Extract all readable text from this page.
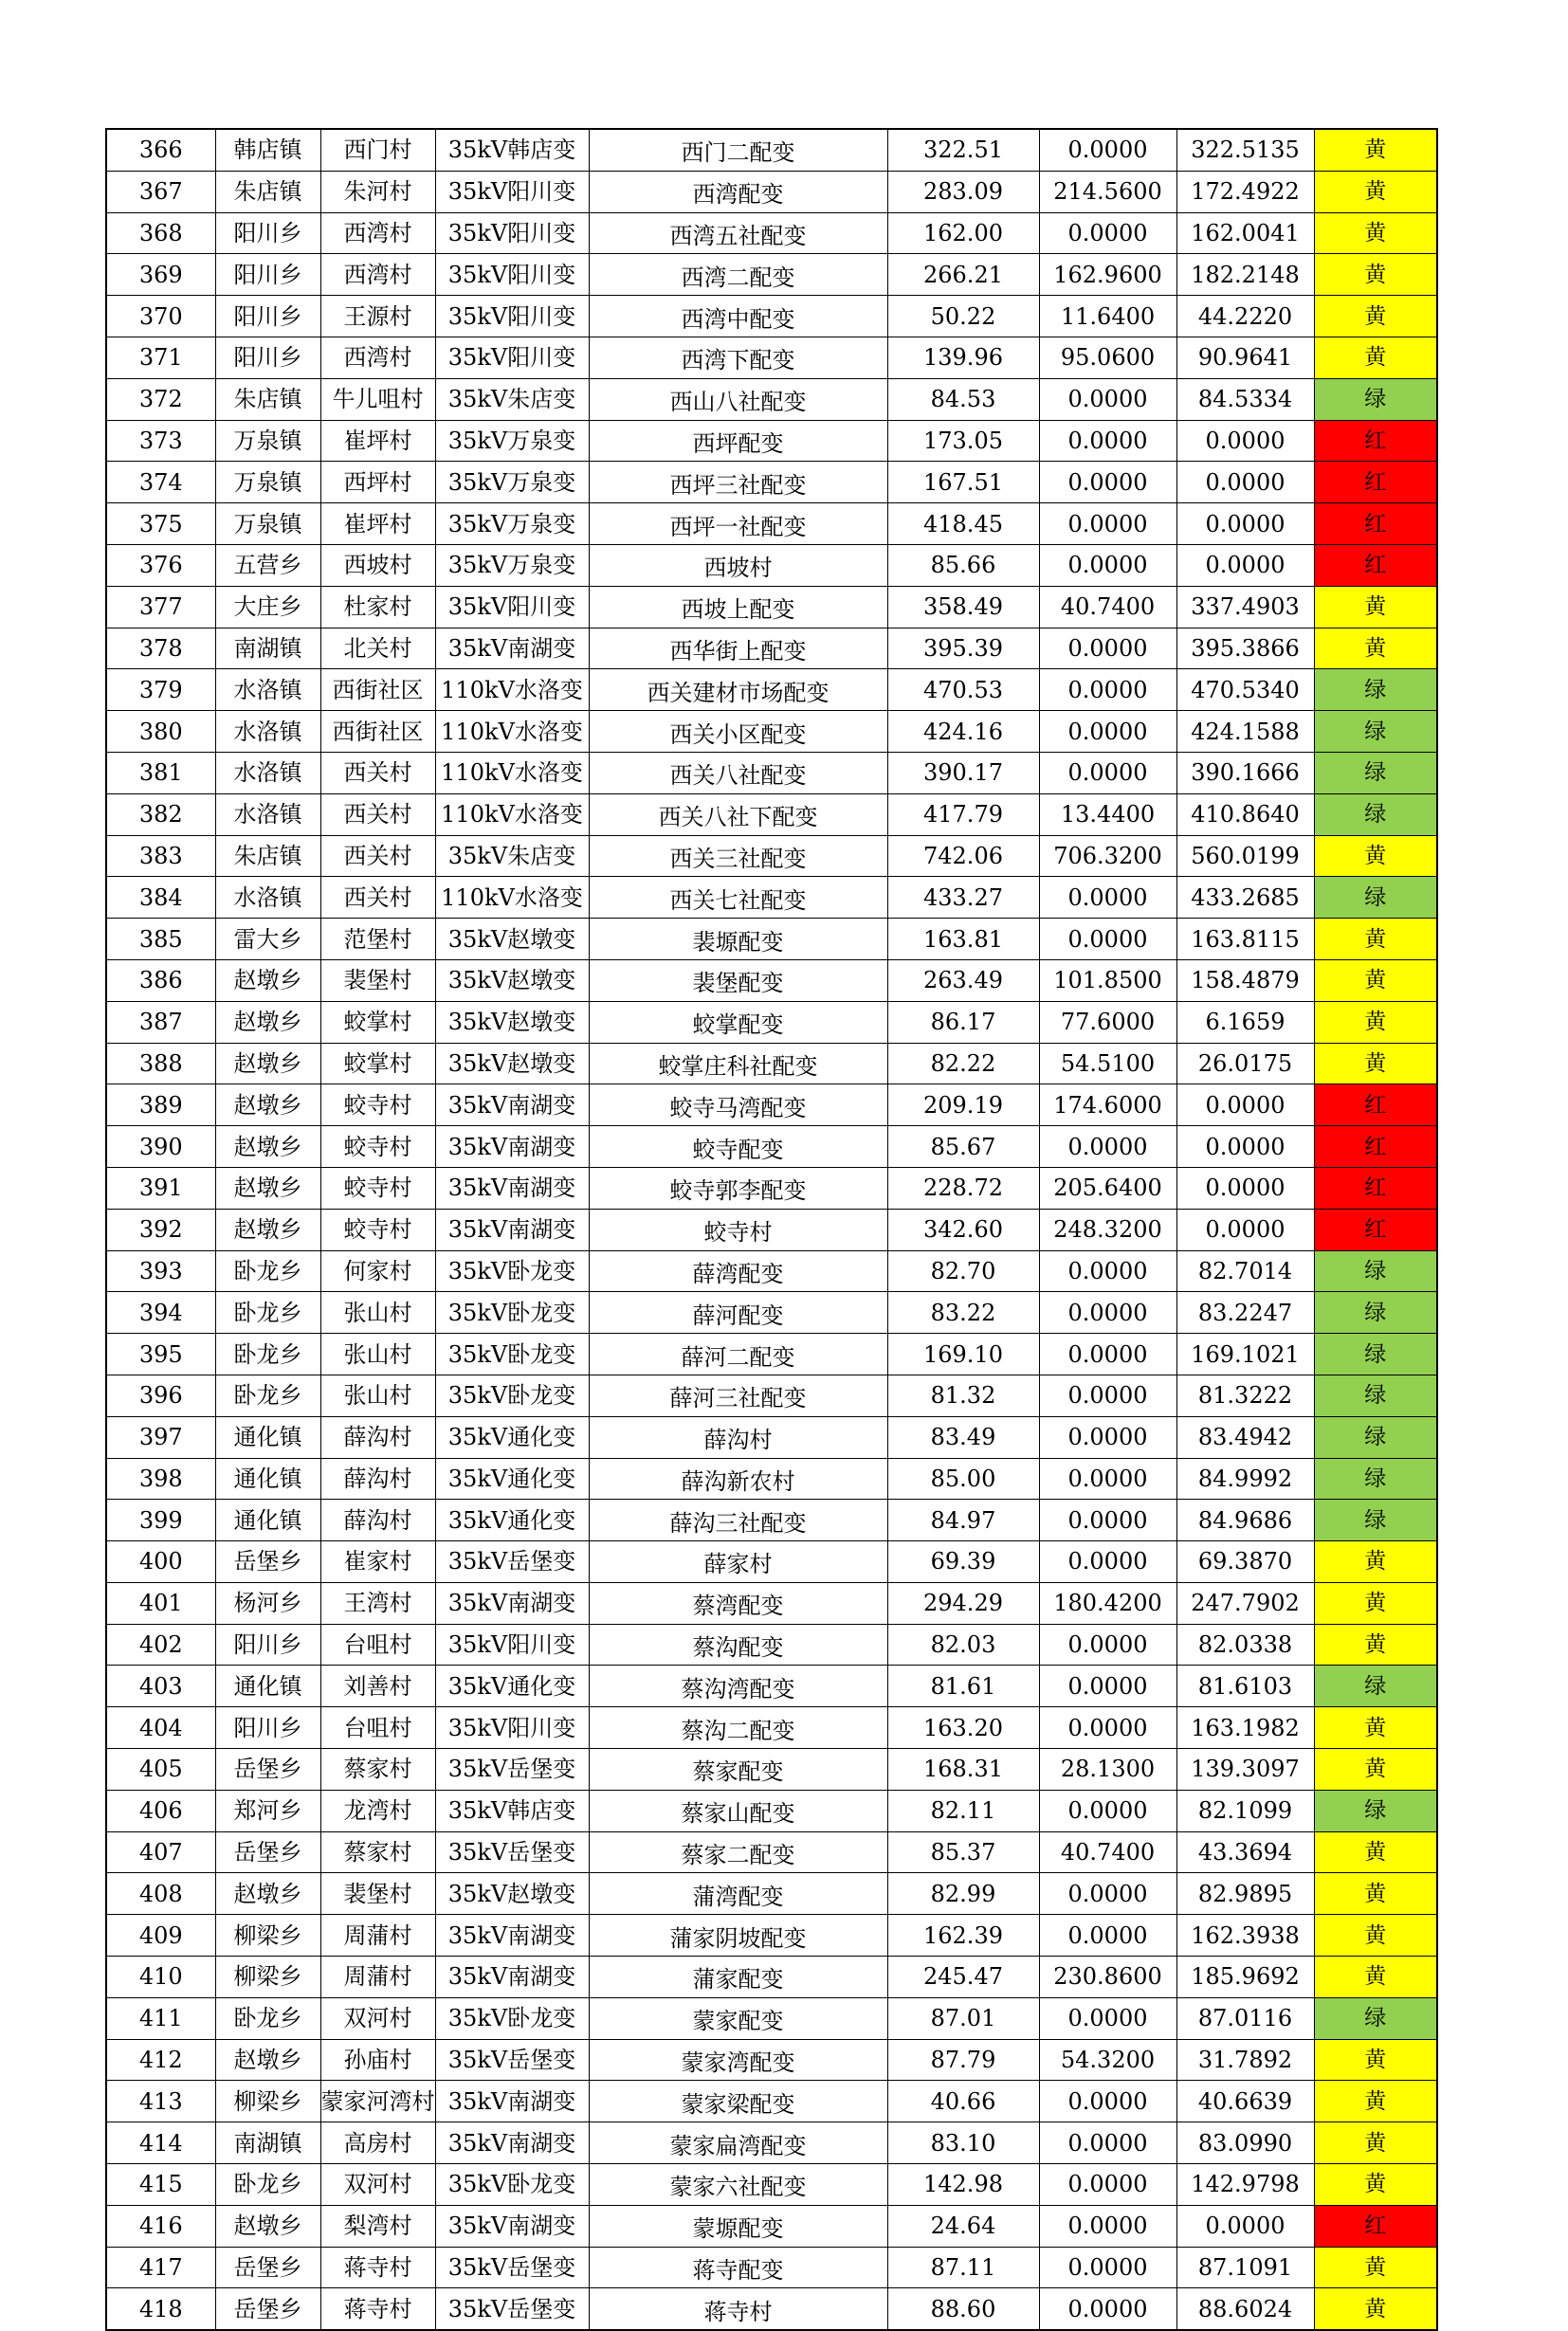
366	韩店镇	西门村	35kV韩店变	西门二配变	322.51	0.0000	322.5135	黄
367	朱店镇	朱河村	35kV阳川变	西湾配变	283.09	214.5600	172.4922	黄
368	阳川乡	西湾村	35kV阳川变	西湾五社配变	162.00	0.0000	162.0041	黄
369	阳川乡	西湾村	35kV阳川变	西湾二配变	266.21	162.9600	182.2148	黄
370	阳川乡	王源村	35kV阳川变	西湾中配变	50.22	11.6400	44.2220	黄
371	阳川乡	西湾村	35kV阳川变	西湾下配变	139.96	95.0600	90.9641	黄
372	朱店镇	牛儿咀村	35kV朱店变	西山八社配变	84.53	0.0000	84.5334	绿
373	万泉镇	崔坪村	35kV万泉变	西坪配变	173.05	0.0000	0.0000	红
374	万泉镇	西坪村	35kV万泉变	西坪三社配变	167.51	0.0000	0.0000	红
375	万泉镇	崔坪村	35kV万泉变	西坪一社配变	418.45	0.0000	0.0000	红
376	五营乡	西坡村	35kV万泉变	西坡村	85.66	0.0000	0.0000	红
377	大庄乡	杜家村	35kV阳川变	西坡上配变	358.49	40.7400	337.4903	黄
378	南湖镇	北关村	35kV南湖变	西华街上配变	395.39	0.0000	395.3866	黄
379	水洛镇	西街社区	110kV水洛变	西关建材市场配变	470.53	0.0000	470.5340	绿
380	水洛镇	西街社区	110kV水洛变	西关小区配变	424.16	0.0000	424.1588	绿
381	水洛镇	西关村	110kV水洛变	西关八社配变	390.17	0.0000	390.1666	绿
382	水洛镇	西关村	110kV水洛变	西关八社下配变	417.79	13.4400	410.8640	绿
383	朱店镇	西关村	35kV朱店变	西关三社配变	742.06	706.3200	560.0199	黄
384	水洛镇	西关村	110kV水洛变	西关七社配变	433.27	0.0000	433.2685	绿
385	雷大乡	范堡村	35kV赵墩变	裴塬配变	163.81	0.0000	163.8115	黄
386	赵墩乡	裴堡村	35kV赵墩变	裴堡配变	263.49	101.8500	158.4879	黄
387	赵墩乡	蛟掌村	35kV赵墩变	蛟掌配变	86.17	77.6000	6.1659	黄
388	赵墩乡	蛟掌村	35kV赵墩变	蛟掌庄科社配变	82.22	54.5100	26.0175	黄
389	赵墩乡	蛟寺村	35kV南湖变	蛟寺马湾配变	209.19	174.6000	0.0000	红
390	赵墩乡	蛟寺村	35kV南湖变	蛟寺配变	85.67	0.0000	0.0000	红
391	赵墩乡	蛟寺村	35kV南湖变	蛟寺郭李配变	228.72	205.6400	0.0000	红
392	赵墩乡	蛟寺村	35kV南湖变	蛟寺村	342.60	248.3200	0.0000	红
393	卧龙乡	何家村	35kV卧龙变	薛湾配变	82.70	0.0000	82.7014	绿
394	卧龙乡	张山村	35kV卧龙变	薛河配变	83.22	0.0000	83.2247	绿
395	卧龙乡	张山村	35kV卧龙变	薛河二配变	169.10	0.0000	169.1021	绿
396	卧龙乡	张山村	35kV卧龙变	薛河三社配变	81.32	0.0000	81.3222	绿
397	通化镇	薛沟村	35kV通化变	薛沟村	83.49	0.0000	83.4942	绿
398	通化镇	薛沟村	35kV通化变	薛沟新农村	85.00	0.0000	84.9992	绿
399	通化镇	薛沟村	35kV通化变	薛沟三社配变	84.97	0.0000	84.9686	绿
400	岳堡乡	崔家村	35kV岳堡变	薛家村	69.39	0.0000	69.3870	黄
401	杨河乡	王湾村	35kV南湖变	蔡湾配变	294.29	180.4200	247.7902	黄
402	阳川乡	台咀村	35kV阳川变	蔡沟配变	82.03	0.0000	82.0338	黄
403	通化镇	刘善村	35kV通化变	蔡沟湾配变	81.61	0.0000	81.6103	绿
404	阳川乡	台咀村	35kV阳川变	蔡沟二配变	163.20	0.0000	163.1982	黄
405	岳堡乡	蔡家村	35kV岳堡变	蔡家配变	168.31	28.1300	139.3097	黄
406	郑河乡	龙湾村	35kV韩店变	蔡家山配变	82.11	0.0000	82.1099	绿
407	岳堡乡	蔡家村	35kV岳堡变	蔡家二配变	85.37	40.7400	43.3694	黄
408	赵墩乡	裴堡村	35kV赵墩变	蒲湾配变	82.99	0.0000	82.9895	黄
409	柳梁乡	周蒲村	35kV南湖变	蒲家阴坡配变	162.39	0.0000	162.3938	黄
410	柳梁乡	周蒲村	35kV南湖变	蒲家配变	245.47	230.8600	185.9692	黄
411	卧龙乡	双河村	35kV卧龙变	蒙家配变	87.01	0.0000	87.0116	绿
412	赵墩乡	孙庙村	35kV岳堡变	蒙家湾配变	87.79	54.3200	31.7892	黄
413	柳梁乡	蒙家河湾村	35kV南湖变	蒙家梁配变	40.66	0.0000	40.6639	黄
414	南湖镇	高房村	35kV南湖变	蒙家扁湾配变	83.10	0.0000	83.0990	黄
415	卧龙乡	双河村	35kV卧龙变	蒙家六社配变	142.98	0.0000	142.9798	黄
416	赵墩乡	梨湾村	35kV南湖变	蒙塬配变	24.64	0.0000	0.0000	红
417	岳堡乡	蒋寺村	35kV岳堡变	蒋寺配变	87.11	0.0000	87.1091	黄
418	岳堡乡	蒋寺村	35kV岳堡变	蒋寺村	88.60	0.0000	88.6024	黄
